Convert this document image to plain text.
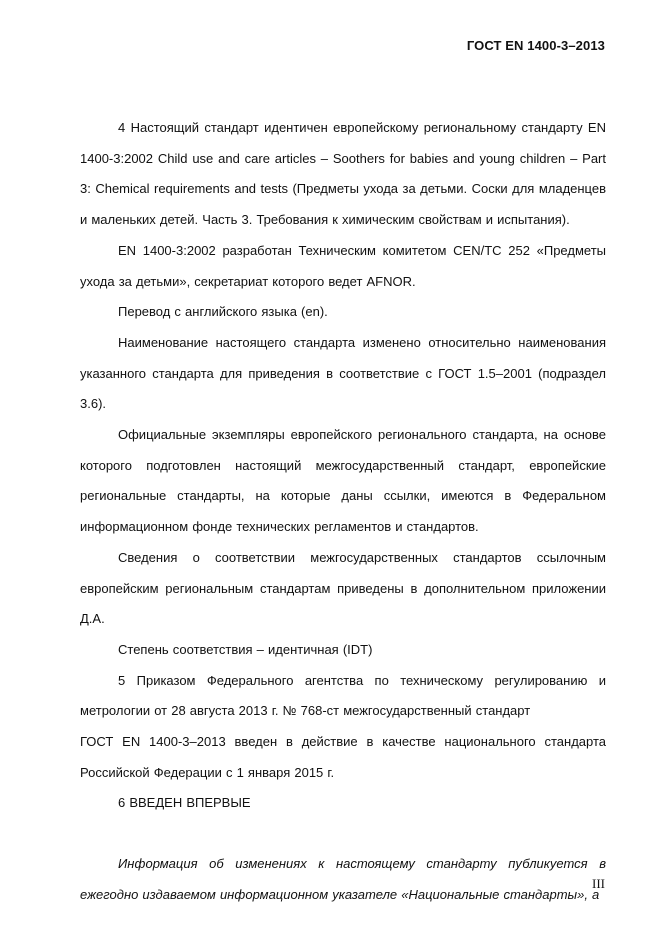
ГОСТ EN 1400-3–2013

4 Настоящий стандарт идентичен европейскому региональному стандарту EN 1400-3:2002 Child use and care articles – Soothers for babies and young children – Part 3: Chemical requirements and tests (Предметы ухода за детьми. Соски для младенцев и маленьких детей. Часть 3. Требования к химическим свойствам и испытания).

EN 1400-3:2002 разработан Техническим комитетом CEN/TC 252 «Предметы ухода за детьми», секретариат которого ведет AFNOR.

Перевод с английского языка (en).

Наименование настоящего стандарта изменено относительно наименования указанного стандарта для приведения в соответствие с ГОСТ 1.5–2001 (подраздел 3.6).

Официальные экземпляры европейского регионального стандарта, на основе которого подготовлен настоящий межгосударственный стандарт, европейские региональные стандарты, на которые даны ссылки, имеются в Федеральном информационном фонде технических регламентов и стандартов.

Сведения о соответствии межгосударственных стандартов ссылочным европейским региональным стандартам приведены в дополнительном приложении Д.А.

Степень соответствия – идентичная (IDT)

5 Приказом Федерального агентства по техническому регулированию и метрологии от 28 августа 2013 г. № 768-ст межгосударственный стандарт

ГОСТ EN 1400-3–2013 введен в действие в качестве национального стандарта Российской Федерации с 1 января 2015 г.

6 ВВЕДЕН ВПЕРВЫЕ

Информация об изменениях к настоящему стандарту публикуется в ежегодно издаваемом информационном указателе «Национальные стандарты», а

III
